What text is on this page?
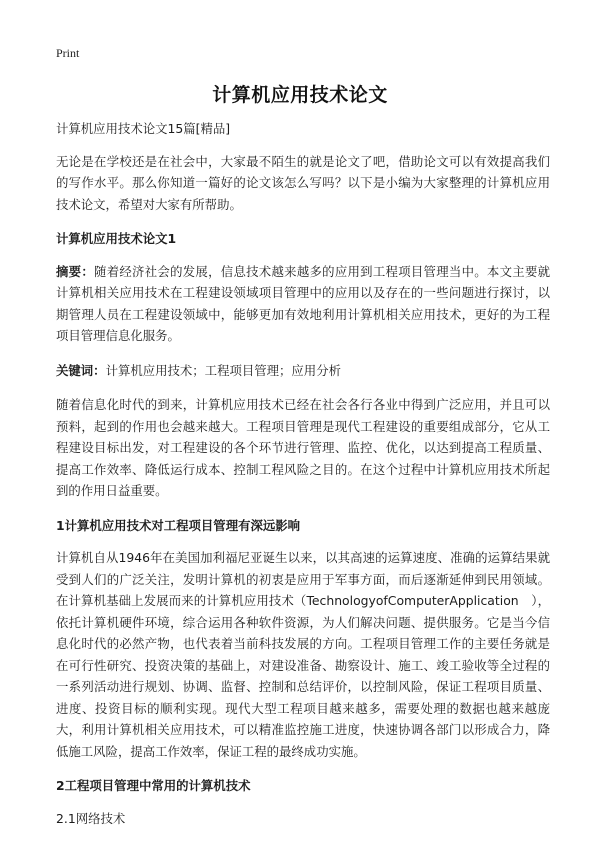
Print
计算机应用技术论文

计算机应用技术论文15篇[精品]

无论是在学校还是在社会中，大家最不陌生的就是论文了吧，借助论文可以有效提高我们的写作水平。那么你知道一篇好的论文该怎么写吗？以下是小编为大家整理的计算机应用技术论文，希望对大家有所帮助。

计算机应用技术论文1

摘要：随着经济社会的发展，信息技术越来越多的应用到工程项目管理当中。本文主要就计算机相关应用技术在工程建设领域项目管理中的应用以及存在的一些问题进行探讨，以期管理人员在工程建设领域中，能够更加有效地利用计算机相关应用技术，更好的为工程项目管理信息化服务。

关键词：计算机应用技术；工程项目管理；应用分析

随着信息化时代的到来，计算机应用技术已经在社会各行各业中得到广泛应用，并且可以预料，起到的作用也会越来越大。工程项目管理是现代工程建设的重要组成部分，它从工程建设目标出发，对工程建设的各个环节进行管理、监控、优化，以达到提高工程质量、提高工作效率、降低运行成本、控制工程风险之目的。在这个过程中计算机应用技术所起到的作用日益重要。

1计算机应用技术对工程项目管理有深远影响

计算机自从1946年在美国加利福尼亚诞生以来，以其高速的运算速度、准确的运算结果就受到人们的广泛关注，发明计算机的初衷是应用于军事方面，而后逐渐延伸到民用领域。在计算机基础上发展而来的计算机应用技术（TechnologyofComputerApplication　），依托计算机硬件环境，综合运用各种软件资源，为人们解决问题、提供服务。它是当今信息化时代的必然产物，也代表着当前科技发展的方向。工程项目管理工作的主要任务就是在可行性研究、投资决策的基础上，对建设准备、勘察设计、施工、竣工验收等全过程的一系列活动进行规划、协调、监督、控制和总结评价，以控制风险，保证工程项目质量、进度、投资目标的顺利实现。现代大型工程项目越来越多，需要处理的数据也越来越庞大，利用计算机相关应用技术，可以精准监控施工进度，快速协调各部门以形成合力，降低施工风险，提高工作效率，保证工程的最终成功实施。

2工程项目管理中常用的计算机技术

2.1网络技术
